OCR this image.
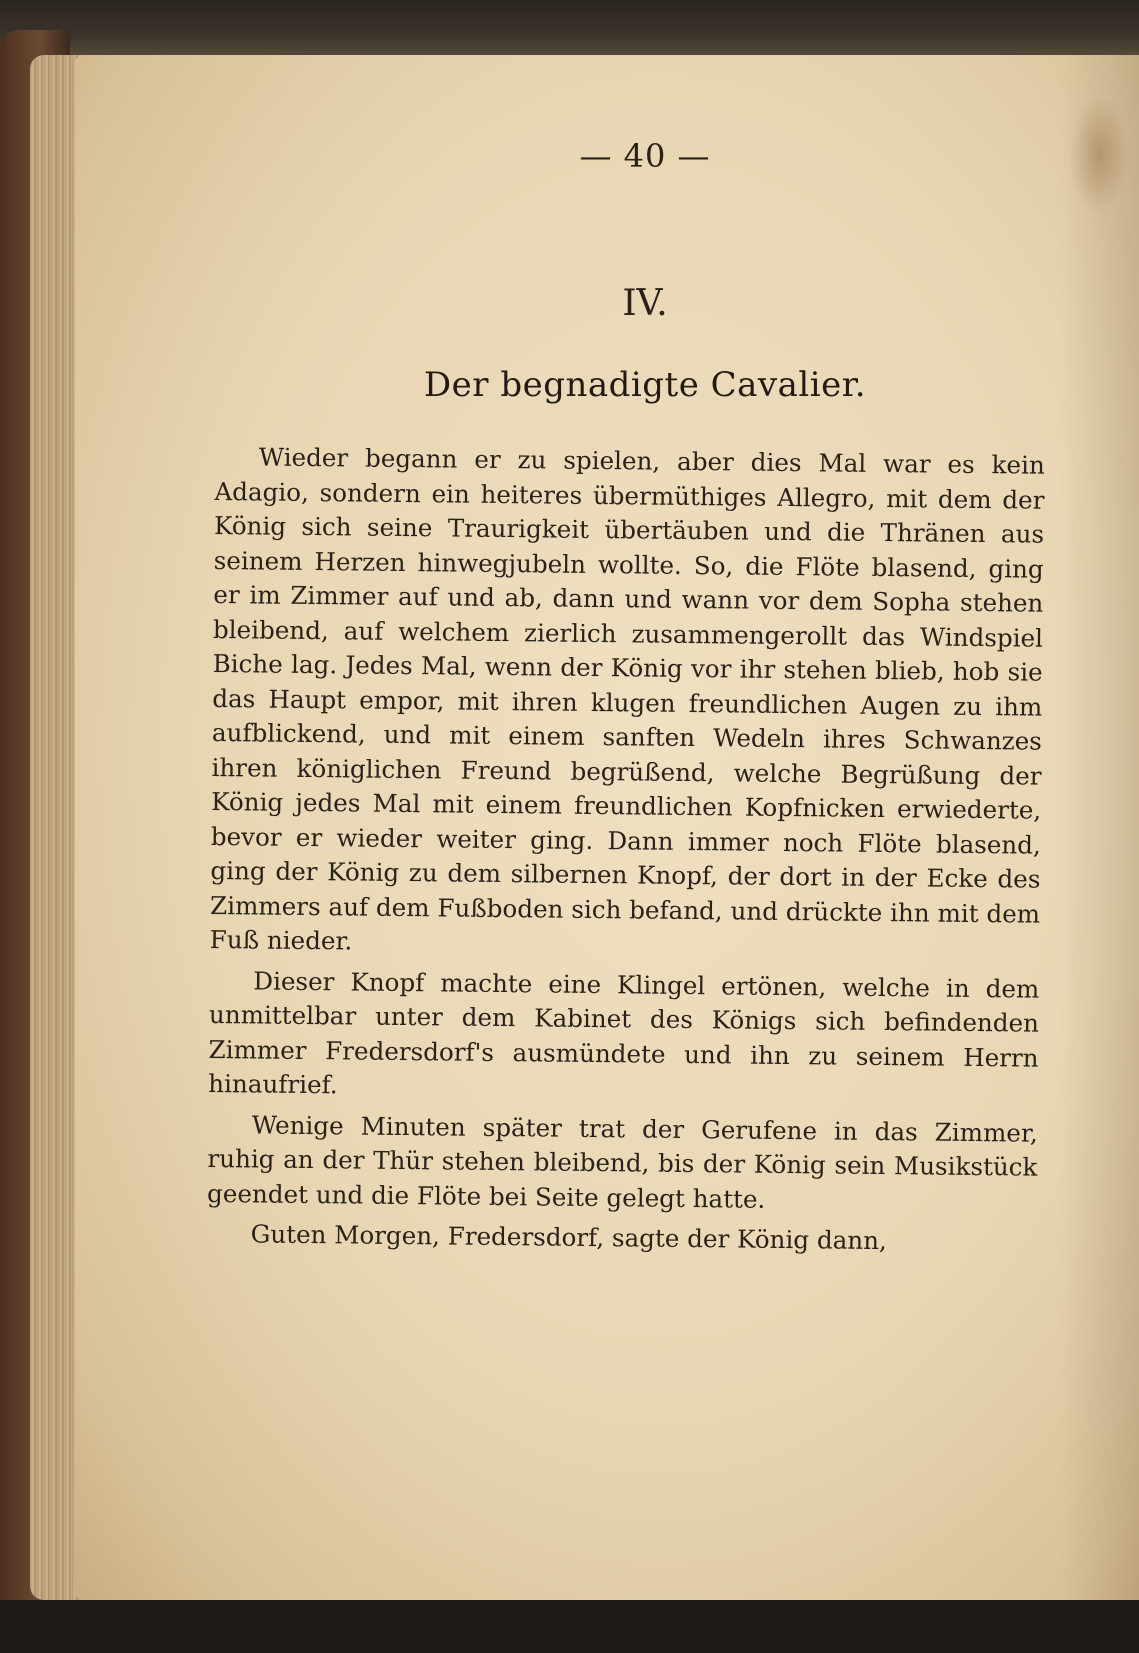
— 40 —
IV.
Der begnadigte Cavalier.

Wieder begann er zu spielen, aber dies Mal war es kein Adagio, sondern ein heiteres übermüthiges Allegro, mit dem der König sich seine Traurigkeit übertäuben und die Thränen aus seinem Herzen hinwegjubeln wollte. So, die Flöte blasend, ging er im Zimmer auf und ab, dann und wann vor dem Sopha stehen bleibend, auf welchem zierlich zusammengerollt das Windspiel Biche lag. Jedes Mal, wenn der König vor ihr stehen blieb, hob sie das Haupt empor, mit ihren klugen freundlichen Augen zu ihm aufblickend, und mit einem sanften Wedeln ihres Schwanzes ihren königlichen Freund begrüßend, welche Begrüßung der König jedes Mal mit einem freundlichen Kopfnicken erwiederte, bevor er wieder weiter ging. Dann immer noch Flöte blasend, ging der König zu dem silbernen Knopf, der dort in der Ecke des Zimmers auf dem Fußboden sich befand, und drückte ihn mit dem Fuß nieder.

Dieser Knopf machte eine Klingel ertönen, welche in dem unmittelbar unter dem Kabinet des Königs sich befindenden Zimmer Fredersdorf's ausmündete und ihn zu seinem Herrn hinaufrief.

Wenige Minuten später trat der Gerufene in das Zimmer, ruhig an der Thür stehen bleibend, bis der König sein Musikstück geendet und die Flöte bei Seite gelegt hatte.

Guten Morgen, Fredersdorf, sagte der König dann,
